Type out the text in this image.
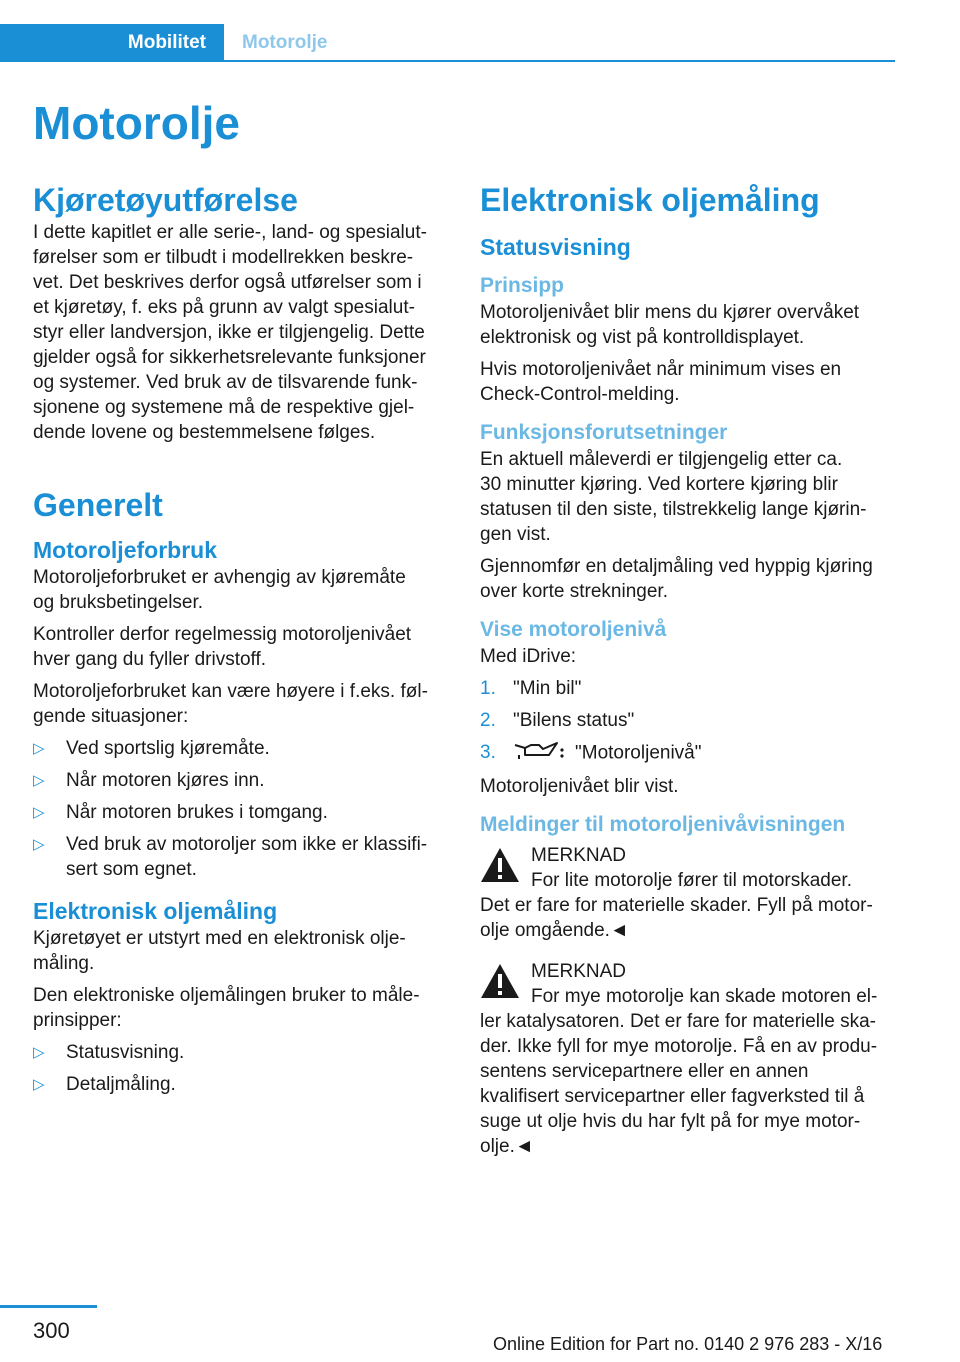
Mobilitet Motorolje
Motorolje
Kjøretøyutførelse

I dette kapitlet er alle serie-, land- og spesialut-
førelser som er tilbudt i modellrekken beskre-
vet. Det beskrives derfor også utførelser som i
et kjøretøy, f. eks på grunn av valgt spesialut-
styr eller landversjon, ikke er tilgjengelig. Dette
gjelder også for sikkerhetsrelevante funksjoner
og systemer. Ved bruk av de tilsvarende funk-
sjonene og systemene må de respektive gjel-
dende lovene og bestemmelsene følges.

Generelt
Motoroljeforbruk

Motoroljeforbruket er avhengig av kjøremåte
og bruksbetingelser.

Kontroller derfor regelmessig motoroljenivået
hver gang du fyller drivstoff.

Motoroljeforbruket kan være høyere i f.eks. føl-
gende situasjoner:

▷ Ved sportslig kjøremåte.
▷ Når motoren kjøres inn.
▷ Når motoren brukes i tomgang.
▷ Ved bruk av motoroljer som ikke er klassifi-
sert som egnet.
Elektronisk oljemåling

Kjøretøyet er utstyrt med en elektronisk olje-
måling.

Den elektroniske oljemålingen bruker to måle-
prinsipper:

▷ Statusvisning.
▷ Detaljmåling.
Elektronisk oljemåling
Statusvisning
Prinsipp

Motoroljenivået blir mens du kjører overvåket
elektronisk og vist på kontrolldisplayet.

Hvis motoroljenivået når minimum vises en
Check-Control-melding.

Funksjonsforutsetninger

En aktuell måleverdi er tilgjengelig etter ca.
30 minutter kjøring. Ved kortere kjøring blir
statusen til den siste, tilstrekkelig lange kjørin-
gen vist.

Gjennomfør en detaljmåling ved hyppig kjøring
over korte strekninger.

Vise motoroljenivå

Med iDrive:

1. "Min bil"
2. "Bilens status"
3.	"Motoroljenivå"

Motoroljenivået blir vist.

Meldinger til motoroljenivåvisningen

MERKNAD

For lite motorolje fører til motorskader.

Det er fare for materielle skader. Fyll på motor-
olje omgående.◄

MERKNAD

For mye motorolje kan skade motoren el-

ler katalysatoren. Det er fare for materielle ska-
der. Ikke fyll for mye motorolje. Få en av produ-
sentens servicepartnere eller en annen
kvalifisert servicepartner eller fagverksted til å
suge ut olje hvis du har fylt på for mye motor-
olje.◄

300
Online Edition for Part no. 0140 2 976 283 - X/16
